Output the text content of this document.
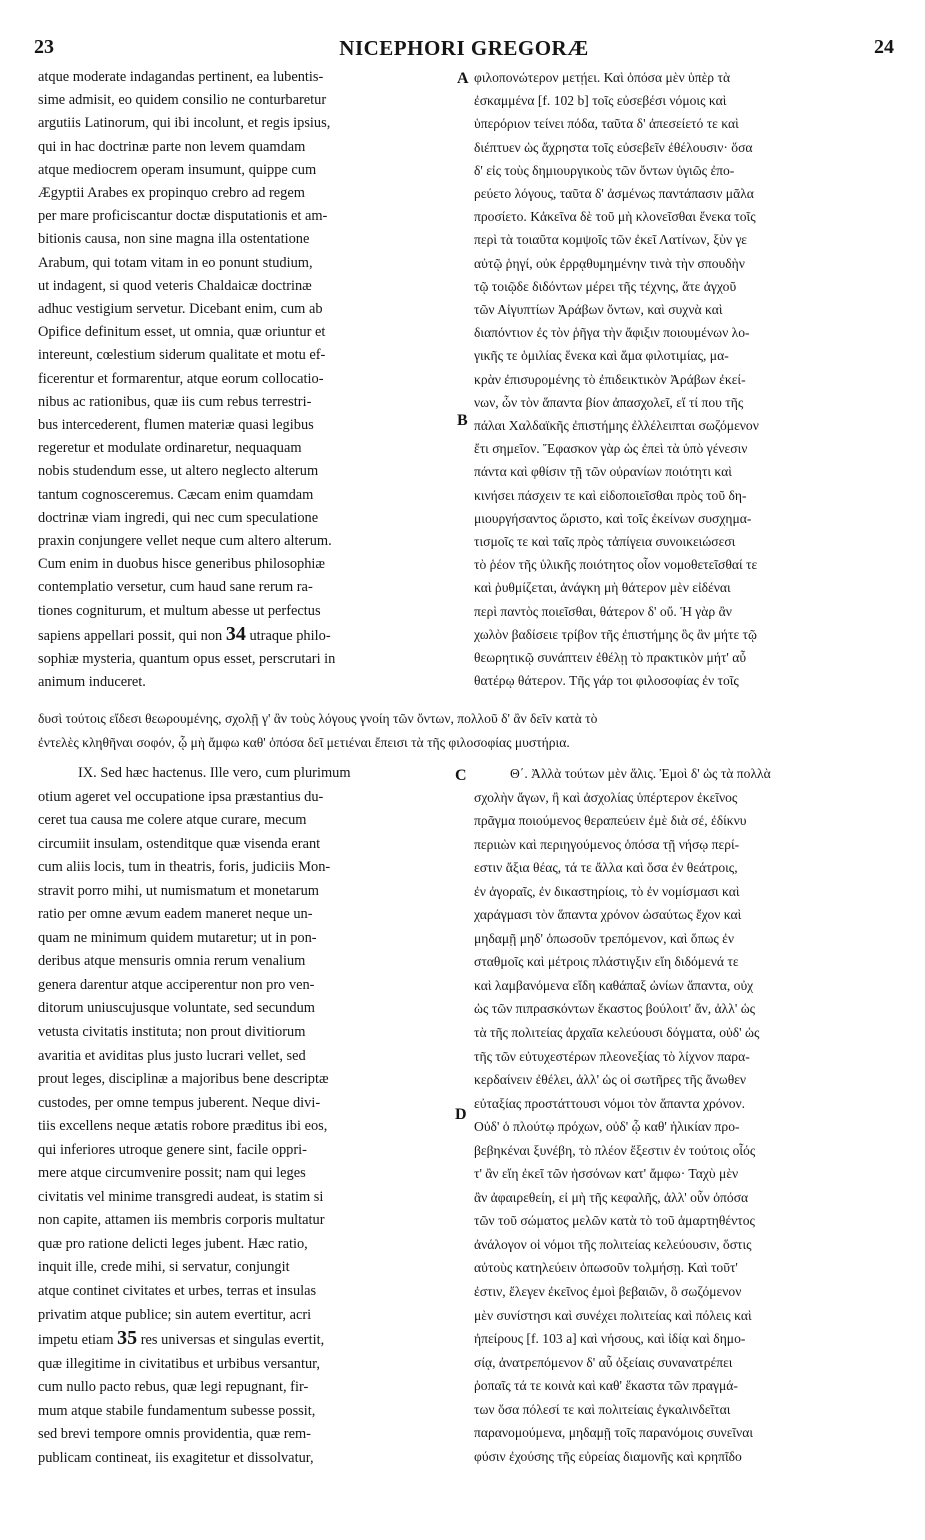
23	NICEPHORI GREGORÆ	24
A
B
C
D
atque moderate indagandas pertinent, ea lubentis-
sime admisit, eo quidem consilio ne conturbaretur
argutiis Latinorum, qui ibi incolunt, et regis ipsius,
qui in hac doctrinæ parte non levem quamdam
atque mediocrem operam insumunt, quippe cum
Ægyptii Arabes ex propinquo crebro ad regem
per mare proficiscantur doctæ disputationis et am-
bitionis causa, non sine magna illa ostentatione
Arabum, qui totam vitam in eo ponunt studium,
ut indagent, si quod veteris Chaldaicæ doctrinæ
adhuc vestigium servetur. Dicebant enim, cum ab
Opifice definitum esset, ut omnia, quæ oriuntur et
intereunt, cœlestium siderum qualitate et motu ef-
ficerentur et formarentur, atque eorum collocatio-
nibus ac rationibus, quæ iis cum rebus terrestri-
bus intercederent, flumen materiæ quasi legibus
regeretur et modulate ordinaretur, nequaquam
nobis studendum esse, ut altero neglecto alterum
tantum cognosceremus. Cæcam enim quamdam
doctrinæ viam ingredi, qui nec cum speculatione
praxin conjungere vellet neque cum altero alterum.
Cum enim in duobus hisce generibus philosophiæ
contemplatio versetur, cum haud sane rerum ra-
tiones cogniturum, et multum abesse ut perfectus
sapiens appellari possit, qui non 34 utraque philo-
sophiæ mysteria, quantum opus esset, perscrutari in
animum induceret.
φιλοπονώτερον μετῄει. Καὶ ὁπόσα μὲν ὑπὲρ τὰ
ἐσκαμμένα [f. 102 b] τοῖς εὐσεβέσι νόμοις καὶ
ὑπερόριον τείνει πόδα, ταῦτα δ' ἀπεσείετό τε καὶ
διέπτυεν ὡς ἄχρηστα τοῖς εὐσεβεῖν ἐθέλουσιν· ὅσα
δ' εἰς τοὺς δημιουργικοὺς τῶν ὄντων ὑγιῶς ἐπο-
ρεύετο λόγους, ταῦτα δ' ἀσμένως παντάπασιν μᾶλα
προσίετο. Κἀκεῖνα δὲ τοῦ μὴ κλονεῖσθαι ἕνεκα τοῖς
περὶ τὰ τοιαῦτα κομψοῖς τῶν ἐκεῖ Λατίνων, ξὺν γε
αὐτῷ ῥηγί, οὐκ ἐρρᾳθυμημένην τινὰ τὴν σπουδὴν
τῷ τοιῷδε διδόντων μέρει τῆς τέχνης, ἅτε ἀγχοῦ
τῶν Αἰγυπτίων Ἀράβων ὄντων, καὶ συχνὰ καὶ
διαπόντιον ἐς τὸν ῥῆγα τὴν ἄφιξιν ποιουμένων λο-
γικῆς τε ὁμιλίας ἕνεκα καὶ ἅμα φιλοτιμίας, μα-
κρὰν ἐπισυρομένης τὸ ἐπιδεικτικὸν Ἀράβων ἐκεί-
νων, ὧν τὸν ἅπαντα βίον ἀπασχολεῖ, εἴ τί που τῆς
πάλαι Χαλδαϊκῆς ἐπιστήμης ἐλλέλειπται σωζόμενον
ἔτι σημεῖον. Ἔφασκον γὰρ ὡς ἐπεὶ τὰ ὑπὸ γένεσιν
πάντα καὶ φθίσιν τῇ τῶν οὐρανίων ποιότητι καὶ
κινήσει πάσχειν τε καὶ εἰδοποιεῖσθαι πρὸς τοῦ δη-
μιουργήσαντος ὥριστο, καὶ τοῖς ἐκείνων συσχημα-
τισμοῖς τε καὶ ταῖς πρὸς τἀπίγεια συνοικειώσεσι
τὸ ῥέον τῆς ὑλικῆς ποιότητος οἷον νομοθετεῖσθαί τε
καὶ ῥυθμίζεται, ἀνάγκη μὴ θάτερον μὲν εἰδέναι
περὶ παντὸς ποιεῖσθαι, θάτερον δ' οὔ. Ἡ γὰρ ἂν
χωλὸν βαδίσειε τρίβον τῆς ἐπιστήμης ὃς ἂν μήτε τῷ
θεωρητικῷ συνάπτειν ἐθέλῃ τὸ πρακτικὸν μήτ' αὖ
θατέρῳ θάτερον. Τῆς γάρ τοι φιλοσοφίας ἐν τοῖς
δυσὶ τούτοις εἴδεσι θεωρουμένης, σχολῇ γ' ἂν τοὺς λόγους γνοίη τῶν ὄντων, πολλοῦ δ' ἂν δεῖν κατὰ τὸ
ἐντελὲς κληθῆναι σοφόν, ᾧ μὴ ἄμφω καθ' ὁπόσα δεῖ μετιέναι ἔπεισι τὰ τῆς φιλοσοφίας μυστήρια.
IX. Sed hæc hactenus. Ille vero, cum plurimum
otium ageret vel occupatione ipsa præstantius du-
ceret tua causa me colere atque curare, mecum
circumiit insulam, ostenditque quæ visenda erant
cum aliis locis, tum in theatris, foris, judiciis Mon-
stravit porro mihi, ut numismatum et monetarum
ratio per omne ævum eadem maneret neque un-
quam ne minimum quidem mutaretur; ut in pon-
deribus atque mensuris omnia rerum venalium
genera darentur atque acciperentur non pro ven-
ditorum uniuscujusque voluntate, sed secundum
vetusta civitatis instituta; non prout divitiorum
avaritia et aviditas plus justo lucrari vellet, sed
prout leges, disciplinæ a majoribus bene descriptæ
custodes, per omne tempus juberent. Neque divi-
tiis excellens neque ætatis robore præditus ibi eos,
qui inferiores utroque genere sint, facile oppri-
mere atque circumvenire possit; nam qui leges
civitatis vel minime transgredi audeat, is statim si
non capite, attamen iis membris corporis multatur
quæ pro ratione delicti leges jubent. Hæc ratio,
inquit ille, crede mihi, si servatur, conjungit
atque continet civitates et urbes, terras et insulas
privatim atque publice; sin autem evertitur, acri
impetu etiam 35 res universas et singulas evertit,
quæ illegitime in civitatibus et urbibus versantur,
cum nullo pacto rebus, quæ legi repugnant, fir-
mum atque stabile fundamentum subesse possit,
sed brevi tempore omnis providentia, quæ rem-
publicam contineat, iis exagitetur et dissolvatur,
Θ΄. Ἀλλὰ τούτων μὲν ἅλις. Ἐμοὶ δ' ὡς τὰ πολλὰ
σχολὴν ἄγων, ἢ καὶ ἀσχολίας ὑπέρτερον ἐκεῖνος
πρᾶγμα ποιούμενος θεραπεύειν ἐμὲ διὰ σέ, ἐδίκνυ
περιιὼν καὶ περιηγούμενος ὁπόσα τῇ νήσῳ περί-
εστιν ἄξια θέας, τά τε ἄλλα καὶ ὅσα ἐν θεάτροις,
ἐν ἀγοραῖς, ἐν δικαστηρίοις, τὸ ἐν νομίσμασι καὶ
χαράγμασι τὸν ἅπαντα χρόνον ὡσαύτως ἔχον καὶ
μηδαμῇ μηδ' ὁπωσοῦν τρεπόμενον, καὶ ὅπως ἐν
σταθμοῖς καὶ μέτροις πλάστιγξιν εἴη διδόμενά τε
καὶ λαμβανόμενα εἴδη καθάπαξ ὠνίων ἅπαντα, οὐχ
ὡς τῶν πιπρασκόντων ἕκαστος βούλοιτ' ἄν, ἀλλ' ὡς
τὰ τῆς πολιτείας ἀρχαῖα κελεύουσι δόγματα, οὐδ' ὡς
τῆς τῶν εὐτυχεστέρων πλεονεξίας τὸ λίχνον παρα-
κερδαίνειν ἐθέλει, ἀλλ' ὡς οἱ σωτῆρες τῆς ἄνωθεν
εὐταξίας προστάττουσι νόμοι τὸν ἅπαντα χρόνον.
Οὐδ' ὁ πλούτῳ πρόχων, οὐδ' ᾧ καθ' ἡλικίαν προ-
βεβηκέναι ξυνέβη, τὸ πλέον ἔξεστιν ἐν τούτοις οἷός
τ' ἂν εἴη ἐκεῖ τῶν ἡσσόνων κατ' ἄμφω· Ταχὺ μὲν
ἂν ἀφαιρεθείη, εἰ μὴ τῆς κεφαλῆς, ἀλλ' οὖν ὁπόσα
τῶν τοῦ σώματος μελῶν κατὰ τὸ τοῦ ἁμαρτηθέντος
ἀνάλογον οἱ νόμοι τῆς πολιτείας κελεύουσιν, ὅστις
αὐτοὺς κατηλεύειν ὁπωσοῦν τολμήσῃ. Καὶ τοῦτ'
ἐστιν, ἔλεγεν ἐκεῖνος ἐμοὶ βεβαιῶν, ὃ σωζόμενον
μὲν συνίστησι καὶ συνέχει πολιτείας καὶ πόλεις καὶ
ἠπείρους [f. 103 a] καὶ νήσους, καὶ ἰδίᾳ καὶ δημο-
σίᾳ, ἀνατρεπόμενον δ' αὖ ὀξείαις συνανατρέπει
ῥοπαῖς τά τε κοινὰ καὶ καθ' ἕκαστα τῶν πραγμά-
των ὅσα πόλεσί τε καὶ πολιτείαις ἐγκαλινδεῖται
παρανομούμενα, μηδαμῇ τοῖς παρανόμοις συνεῖναι
φύσιν ἐχούσης τῆς εὐρείας διαμονῆς καὶ κρηπῖδο
